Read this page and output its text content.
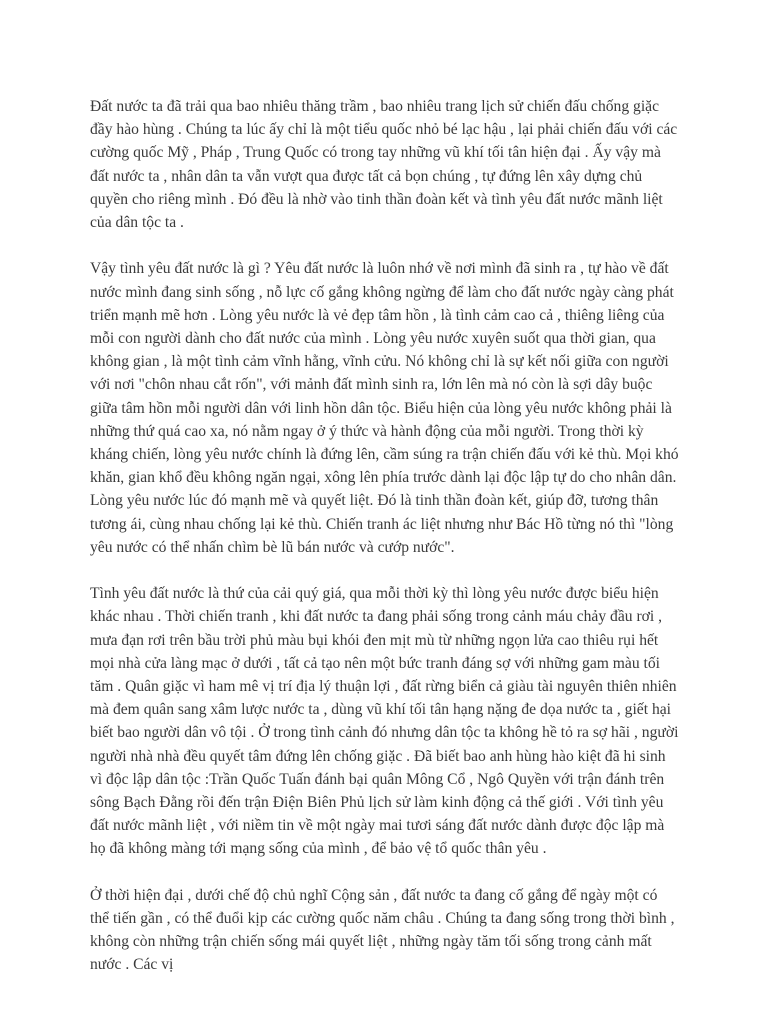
Đất nước ta đã trải qua bao nhiêu thăng trầm , bao nhiêu trang lịch sử chiến đấu chống giặc đầy hào hùng . Chúng ta lúc ấy chỉ là một tiểu quốc nhỏ bé lạc hậu , lại phải chiến đấu với các cường quốc Mỹ , Pháp , Trung Quốc có trong tay những vũ khí tối tân hiện đại . Ấy vậy mà đất nước ta , nhân dân ta vẫn vượt qua được tất cả bọn chúng , tự đứng lên xây dựng chủ quyền cho riêng mình . Đó đều là nhờ vào tinh thần đoàn kết và tình yêu đất nước mãnh liệt của dân tộc ta .

Vậy tình yêu đất nước là gì ? Yêu đất nước là luôn nhớ về nơi mình đã sinh ra , tự hào về đất nước mình đang sinh sống , nỗ lực cố gắng không ngừng để làm cho đất nước ngày càng phát triển mạnh mẽ hơn . Lòng yêu nước là vẻ đẹp tâm hồn , là tình cảm cao cả , thiêng liêng của mỗi con người dành cho đất nước của mình . Lòng yêu nước xuyên suốt qua thời gian, qua không gian , là một tình cảm vĩnh hằng, vĩnh cửu. Nó không chỉ là sự kết nối giữa con người với nơi "chôn nhau cắt rốn", với mảnh đất mình sinh ra, lớn lên mà nó còn là sợi dây buộc giữa tâm hồn mỗi người dân với linh hồn dân tộc. Biểu hiện của lòng yêu nước không phải là những thứ quá cao xa, nó nằm ngay ở ý thức và hành động của mỗi người. Trong thời kỳ kháng chiến, lòng yêu nước chính là đứng lên, cầm súng ra trận chiến đấu với kẻ thù. Mọi khó khăn, gian khổ đều không ngăn ngại, xông lên phía trước dành lại độc lập tự do cho nhân dân. Lòng yêu nước lúc đó mạnh mẽ và quyết liệt. Đó là tinh thần đoàn kết, giúp đỡ, tương thân tương ái, cùng nhau chống lại kẻ thù. Chiến tranh ác liệt nhưng như Bác Hồ từng nó thì "lòng yêu nước có thể nhấn chìm bè lũ bán nước và cướp nước".

Tình yêu đất nước là thứ của cải quý giá, qua mỗi thời kỳ thì lòng yêu nước được biểu hiện khác nhau . Thời chiến tranh , khi đất nước ta đang phải sống trong cảnh máu chảy đầu rơi , mưa đạn rơi trên bầu trời phủ màu bụi khói đen mịt mù từ những ngọn lửa cao thiêu rụi hết mọi nhà cửa làng mạc ở dưới , tất cả tạo nên một bức tranh đáng sợ với những gam màu tối tăm . Quân giặc vì ham mê vị trí địa lý thuận lợi , đất rừng biển cả giàu tài nguyên thiên nhiên mà đem quân sang xâm lược nước ta , dùng vũ khí tối tân hạng nặng đe dọa nước ta , giết hại biết bao người dân vô tội . Ở trong tình cảnh đó nhưng dân tộc ta không hề tỏ ra sợ hãi , người người nhà nhà đều quyết tâm đứng lên chống giặc . Đã biết bao anh hùng hào kiệt đã hi sinh vì độc lập dân tộc :Trần Quốc Tuấn đánh bại quân Mông Cổ , Ngô Quyền với trận đánh trên sông Bạch Đằng rồi đến trận Điện Biên Phủ lịch sử làm kinh động cả thế giới . Với tình yêu đất nước mãnh liệt , với niềm tin về một ngày mai tươi sáng đất nước dành được độc lập mà họ đã không màng tới mạng sống của mình , để bảo vệ tổ quốc thân yêu .

Ở thời hiện đại , dưới chế độ chủ nghĩ Cộng sản , đất nước ta đang cố gắng để ngày một có thể tiến gần , có thể đuổi kịp các cường quốc năm châu . Chúng ta đang sống trong thời bình , không còn những trận chiến sống mái quyết liệt , những ngày tăm tối sống trong cảnh mất nước . Các vị
